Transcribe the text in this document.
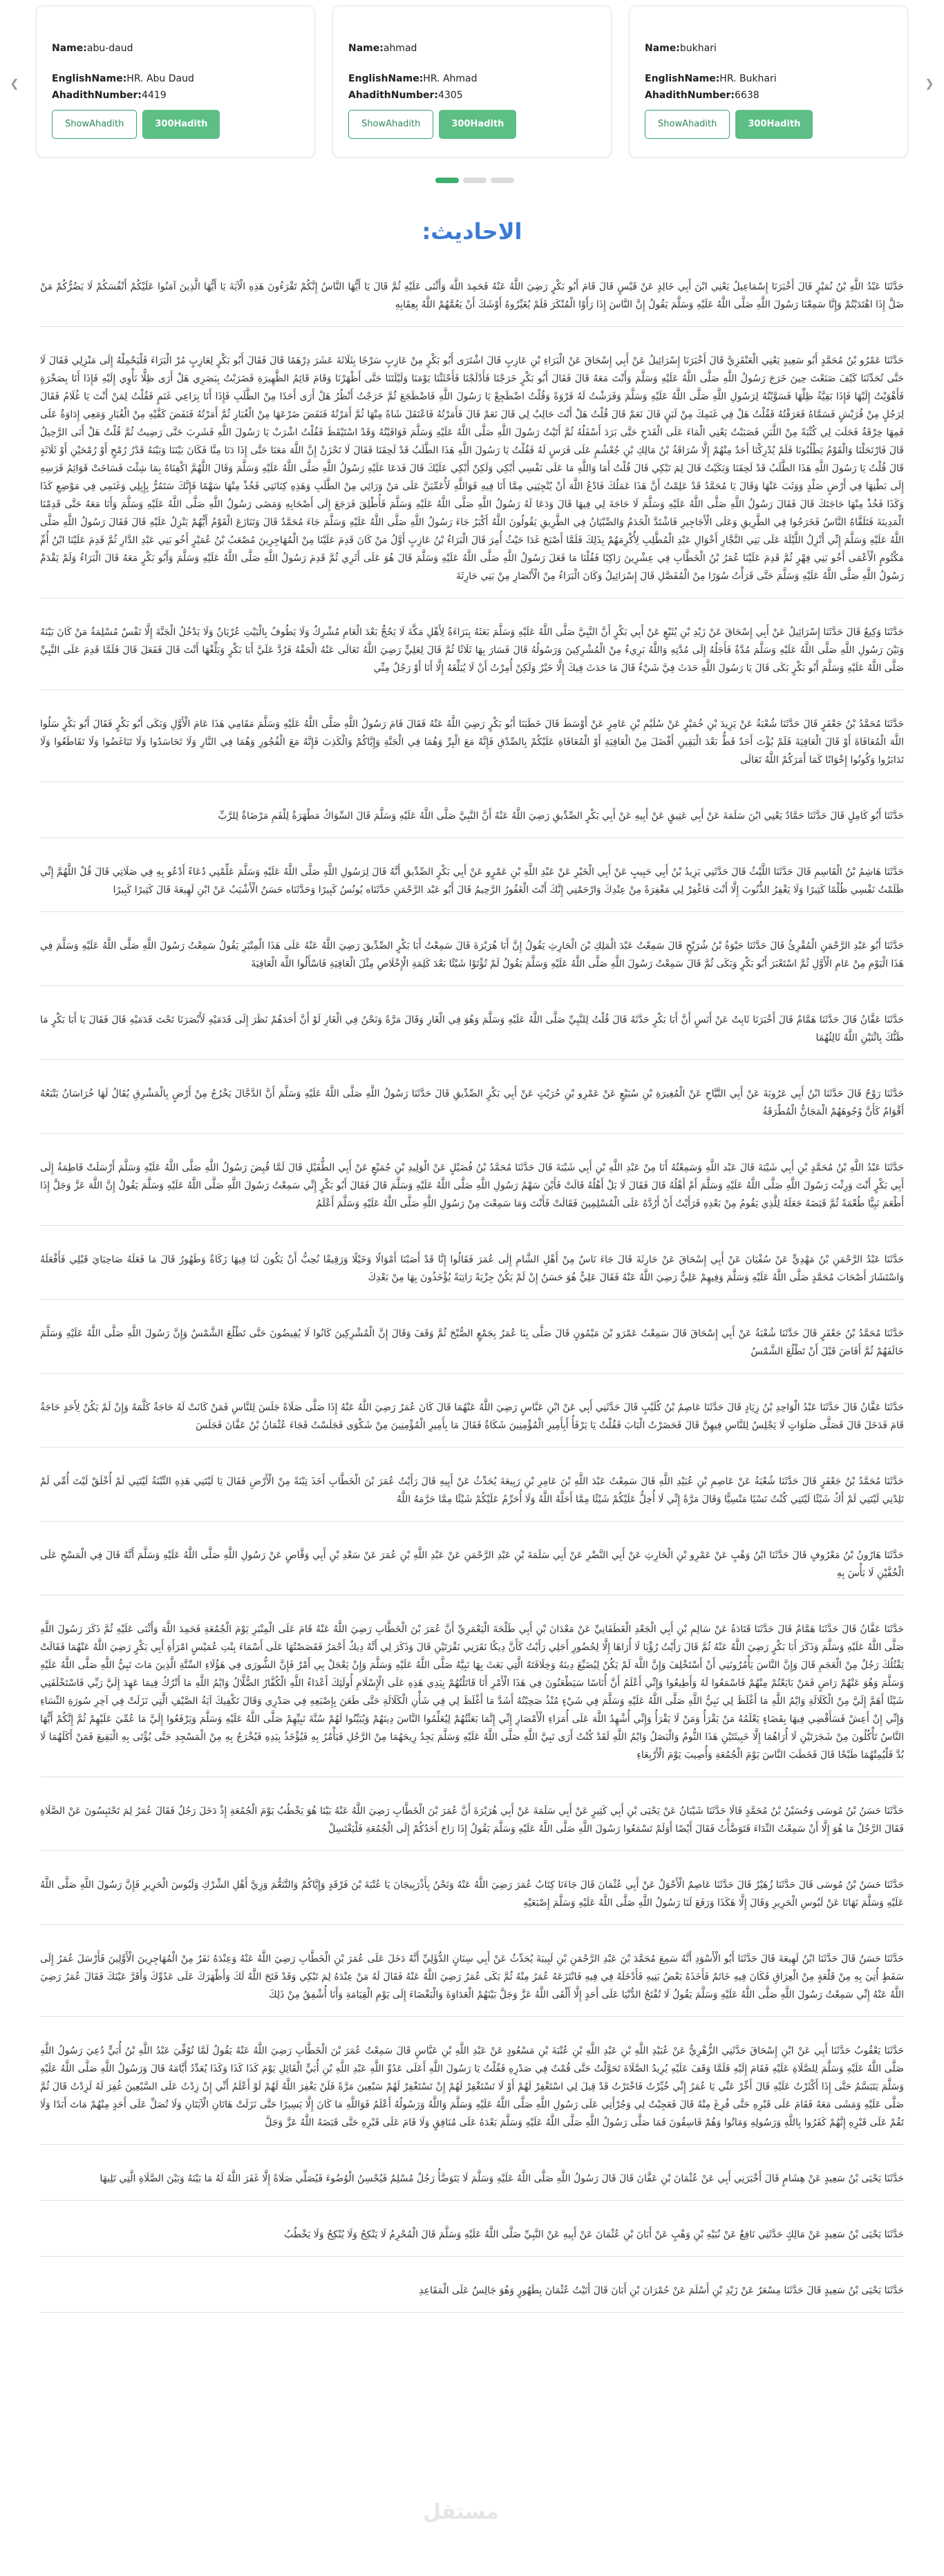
❮
Name:abu-daud
EnglishName:HR. Abu Daud
AhadithNumber:4419
ShowAhadith	300Hadith
Name:ahmad
EnglishName:HR. Ahmad
AhadithNumber:4305
ShowAhadith	300Hadith
Name:bukhari
EnglishName:HR. Bukhari
AhadithNumber:6638
ShowAhadith	300Hadith
❯
الاحاديث:

حَدَّثَنَا عَبْدُ اللَّهِ بْنُ نُمَيْرٍ قَالَ أَخْبَرَنَا إِسْمَاعِيلُ يَعْنِي ابْنَ أَبِي خَالِدٍ عَنْ قَيْسٍ قَالَ قَامَ أَبُو بَكْرٍ رَضِيَ اللَّهُ عَنْهُ فَحَمِدَ اللَّهَ وَأَثْنَى عَلَيْهِ ثُمَّ قَالَ يَا أَيُّهَا النَّاسُ إِنَّكُمْ تَقْرَءُونَ هَذِهِ الْآيَةَ يَا أَيُّهَا الَّذِينَ آمَنُوا عَلَيْكُمْ أَنْفُسَكُمْ لَا يَضُرُّكُمْ مَنْ ضَلَّ إِذَا اهْتَدَيْتُمْ وَإِنَّا سَمِعْنَا رَسُولَ اللَّهِ صَلَّى اللَّهُ عَلَيْهِ وَسَلَّمَ يَقُولُ إِنَّ النَّاسَ إِذَا رَأَوْا الْمُنْكَرَ فَلَمْ يُغَيِّرُوهُ أَوْشَكَ أَنْ يَعُمَّهُمْ اللَّهُ بِعِقَابِهِ

حَدَّثَنَا عَمْرُو بْنُ مُحَمَّدٍ أَبُو سَعِيدٍ يَعْنِي الْعَنْقَزِيَّ قَالَ أَخْبَرَنَا إِسْرَائِيلُ عَنْ أَبِي إِسْحَاقَ عَنْ الْبَرَاءِ بْنِ عَازِبٍ قَالَ اشْتَرَى أَبُو بَكْرٍ مِنْ عَازِبٍ سَرْجًا بِثَلَاثَةَ عَشَرَ دِرْهَمًا قَالَ فَقَالَ أَبُو بَكْرٍ لِعَازِبٍ مُرْ الْبَرَاءَ فَلْيَحْمِلْهُ إِلَى مَنْزِلِي فَقَالَ لَا حَتَّى تُحَدِّثَنَا كَيْفَ صَنَعْتَ حِينَ خَرَجَ رَسُولُ اللَّهِ صَلَّى اللَّهُ عَلَيْهِ وَسَلَّمَ وَأَنْتَ مَعَهُ قَالَ فَقَالَ أَبُو بَكْرٍ خَرَجْنَا فَأَدْلَجْنَا فَأَحْثَثْنَا يَوْمَنَا وَلَيْلَتَنَا حَتَّى أَظْهَرْنَا وَقَامَ قَائِمُ الظَّهِيرَةِ فَضَرَبْتُ بِبَصَرِي هَلْ أَرَى ظِلًّا نَأْوِي إِلَيْهِ فَإِذَا أَنَا بِصَخْرَةٍ فَأَهْوَيْتُ إِلَيْهَا فَإِذَا بَقِيَّةُ ظِلِّهَا فَسَوَّيْتُهُ لِرَسُولِ اللَّهِ صَلَّى اللَّهُ عَلَيْهِ وَسَلَّمَ وَفَرَشْتُ لَهُ فَرْوَةً وَقُلْتُ اضْطَجِعْ يَا رَسُولَ اللَّهِ فَاضْطَجَعَ ثُمَّ خَرَجْتُ أَنْظُرُ هَلْ أَرَى أَحَدًا مِنْ الطَّلَبِ فَإِذَا أَنَا بِرَاعِي غَنَمٍ فَقُلْتُ لِمَنْ أَنْتَ يَا غُلَامُ فَقَالَ لِرَجُلٍ مِنْ قُرَيْشٍ فَسَمَّاهُ فَعَرَفْتُهُ فَقُلْتُ هَلْ فِي غَنَمِكَ مِنْ لَبَنٍ قَالَ نَعَمْ قَالَ قُلْتُ هَلْ أَنْتَ حَالِبٌ لِي قَالَ نَعَمْ قَالَ فَأَمَرْتُهُ فَاعْتَقَلَ شَاةً مِنْهَا ثُمَّ أَمَرْتُهُ فَنَفَضَ ضَرْعَهَا مِنْ الْغُبَارِ ثُمَّ أَمَرْتُهُ فَنَفَضَ كَفَّيْهِ مِنْ الْغُبَارِ وَمَعِي إِدَاوَةٌ عَلَى فَمِهَا خِرْقَةٌ فَحَلَبَ لِي كُثْبَةً مِنْ اللَّبَنِ فَصَبَبْتُ يَعْنِي الْمَاءَ عَلَى الْقَدَحِ حَتَّى بَرَدَ أَسْفَلُهُ ثُمَّ أَتَيْتُ رَسُولَ اللَّهِ صَلَّى اللَّهُ عَلَيْهِ وَسَلَّمَ فَوَافَيْتُهُ وَقَدْ اسْتَيْقَظَ فَقُلْتُ اشْرَبْ يَا رَسُولَ اللَّهِ فَشَرِبَ حَتَّى رَضِيتُ ثُمَّ قُلْتُ هَلْ أَنَى الرَّحِيلُ قَالَ فَارْتَحَلْنَا وَالْقَوْمُ يَطْلُبُونَا فَلَمْ يُدْرِكْنَا أَحَدٌ مِنْهُمْ إِلَّا سُرَاقَةُ بْنُ مَالِكِ بْنِ جُعْشُمٍ عَلَى فَرَسٍ لَهُ فَقُلْتُ يَا رَسُولَ اللَّهِ هَذَا الطَّلَبُ قَدْ لَحِقَنَا فَقَالَ لَا تَحْزَنْ إِنَّ اللَّهَ مَعَنَا حَتَّى إِذَا دَنَا مِنَّا فَكَانَ بَيْنَنَا وَبَيْنَهُ قَدْرُ رُمْحٍ أَوْ رُمْحَيْنِ أَوْ ثَلَاثَةٍ قَالَ قُلْتُ يَا رَسُولَ اللَّهِ هَذَا الطَّلَبُ قَدْ لَحِقَنَا وَبَكَيْتُ قَالَ لِمَ تَبْكِي قَالَ قُلْتُ أَمَا وَاللَّهِ مَا عَلَى نَفْسِي أَبْكِي وَلَكِنْ أَبْكِي عَلَيْكَ قَالَ فَدَعَا عَلَيْهِ رَسُولُ اللَّهِ صَلَّى اللَّهُ عَلَيْهِ وَسَلَّمَ وَقَالَ اللَّهُمَّ اكْفِنَاهُ بِمَا شِئْتَ فَسَاخَتْ قَوَائِمُ فَرَسِهِ إِلَى بَطْنِهَا فِي أَرْضٍ صَلْدٍ وَوَثَبَ عَنْهَا وَقَالَ يَا مُحَمَّدُ قَدْ عَلِمْتُ أَنَّ هَذَا عَمَلُكَ فَادْعُ اللَّهَ أَنْ يُنْجِيَنِي مِمَّا أَنَا فِيهِ فَوَاللَّهِ لَأُعَمِّيَنَّ عَلَى مَنْ وَرَائِي مِنْ الطَّلَبِ وَهَذِهِ كِنَانَتِي فَخُذْ مِنْهَا سَهْمًا فَإِنَّكَ سَتَمُرُّ بِإِبِلِي وَغَنَمِي فِي مَوْضِعِ كَذَا وَكَذَا فَخُذْ مِنْهَا حَاجَتَكَ قَالَ فَقَالَ رَسُولُ اللَّهِ صَلَّى اللَّهُ عَلَيْهِ وَسَلَّمَ لَا حَاجَةَ لِي فِيهَا قَالَ وَدَعَا لَهُ رَسُولُ اللَّهِ صَلَّى اللَّهُ عَلَيْهِ وَسَلَّمَ فَأُطْلِقَ فَرَجَعَ إِلَى أَصْحَابِهِ وَمَضَى رَسُولُ اللَّهِ صَلَّى اللَّهُ عَلَيْهِ وَسَلَّمَ وَأَنَا مَعَهُ حَتَّى قَدِمْنَا الْمَدِينَةَ فَتَلَقَّاهُ النَّاسُ فَخَرَجُوا فِي الطَّرِيقِ وَعَلَى الْأَجَاجِيرِ فَاشْتَدَّ الْخَدَمُ وَالصِّبْيَانُ فِي الطَّرِيقِ يَقُولُونَ اللَّهُ أَكْبَرُ جَاءَ رَسُولُ اللَّهِ صَلَّى اللَّهُ عَلَيْهِ وَسَلَّمَ جَاءَ مُحَمَّدٌ قَالَ وَتَنَازَعَ الْقَوْمُ أَيُّهُمْ يَنْزِلُ عَلَيْهِ قَالَ فَقَالَ رَسُولُ اللَّهِ صَلَّى اللَّهُ عَلَيْهِ وَسَلَّمَ إِنِّي أَنْزِلُ اللَّيْلَةَ عَلَى بَنِي النَّجَّارِ أَخْوَالِ عَبْدِ الْمُطَّلِبِ لِأُكْرِمَهُمْ بِذَلِكَ فَلَمَّا أَصْبَحَ غَدَا حَيْثُ أُمِرَ قَالَ الْبَرَاءُ بْنُ عَازِبٍ أَوَّلُ مَنْ كَانَ قَدِمَ عَلَيْنَا مِنْ الْمُهَاجِرِينَ مُصْعَبُ بْنُ عُمَيْرٍ أَخُو بَنِي عَبْدِ الدَّارِ ثُمَّ قَدِمَ عَلَيْنَا ابْنُ أُمِّ مَكْتُومٍ الْأَعْمَى أَخُو بَنِي فِهْرٍ ثُمَّ قَدِمَ عَلَيْنَا عُمَرُ بْنُ الْخَطَّابِ فِي عِشْرِينَ رَاكِبًا فَقُلْنَا مَا فَعَلَ رَسُولُ اللَّهِ صَلَّى اللَّهُ عَلَيْهِ وَسَلَّمَ قَالَ هُوَ عَلَى أَثَرِي ثُمَّ قَدِمَ رَسُولُ اللَّهِ صَلَّى اللَّهُ عَلَيْهِ وَسَلَّمَ وَأَبُو بَكْرٍ مَعَهُ قَالَ الْبَرَاءُ وَلَمْ يَقْدَمْ رَسُولُ اللَّهِ صَلَّى اللَّهُ عَلَيْهِ وَسَلَّمَ حَتَّى قَرَأْتُ سُوَرًا مِنْ الْمُفَصَّلِ قَالَ إِسْرَائِيلُ وَكَانَ الْبَرَاءُ مِنْ الْأَنْصَارِ مِنْ بَنِي حَارِثَةَ

حَدَّثَنَا وَكِيعٌ قَالَ حَدَّثَنَا إِسْرَائِيلُ عَنْ أَبِي إِسْحَاقَ عَنْ زَيْدِ بْنِ يُثَيْعٍ عَنْ أَبِي بَكْرٍ أَنَّ النَّبِيَّ صَلَّى اللَّهُ عَلَيْهِ وَسَلَّمَ بَعَثَهُ بِبَرَاءَةٌ لِأَهْلِ مَكَّةَ لَا يَحُجُّ بَعْدَ الْعَامِ مُشْرِكٌ وَلَا يَطُوفُ بِالْبَيْتِ عُرْيَانٌ وَلَا يَدْخُلُ الْجَنَّةَ إِلَّا نَفْسٌ مُسْلِمَةٌ مَنْ كَانَ بَيْنَهُ وَبَيْنَ رَسُولِ اللَّهِ صَلَّى اللَّهُ عَلَيْهِ وَسَلَّمَ مُدَّةٌ فَأَجَلُهُ إِلَى مُدَّتِهِ وَاللَّهُ بَرِيءٌ مِنْ الْمُشْرِكِينَ وَرَسُولُهُ قَالَ فَسَارَ بِهَا ثَلَاثًا ثُمَّ قَالَ لِعَلِيٍّ رَضِيَ اللَّهُ تَعَالَى عَنْهُ الْحَقْهُ فَرُدَّ عَلَيَّ أَبَا بَكْرٍ وَبَلِّغْهَا أَنْتَ قَالَ فَفَعَلَ قَالَ فَلَمَّا قَدِمَ عَلَى النَّبِيِّ صَلَّى اللَّهُ عَلَيْهِ وَسَلَّمَ أَبُو بَكْرٍ بَكَى قَالَ يَا رَسُولَ اللَّهِ حَدَثَ فِيَّ شَيْءٌ قَالَ مَا حَدَثَ فِيكَ إِلَّا خَيْرٌ وَلَكِنْ أُمِرْتُ أَنْ لَا يُبَلِّغَهُ إِلَّا أَنَا أَوْ رَجُلٌ مِنِّي

حَدَّثَنَا مُحَمَّدُ بْنُ جَعْفَرٍ قَالَ حَدَّثَنَا شُعْبَةُ عَنْ يَزِيدَ بْنِ خُمَيْرٍ عَنْ سُلَيْمِ بْنِ عَامِرٍ عَنْ أَوْسَطَ قَالَ خَطَبَنَا أَبُو بَكْرٍ رَضِيَ اللَّهُ عَنْهُ فَقَالَ قَامَ رَسُولُ اللَّهِ صَلَّى اللَّهُ عَلَيْهِ وَسَلَّمَ مَقَامِي هَذَا عَامَ الْأَوَّلِ وَبَكَى أَبُو بَكْرٍ فَقَالَ أَبُو بَكْرٍ سَلُوا اللَّهَ الْمُعَافَاةَ أَوْ قَالَ الْعَافِيَةَ فَلَمْ يُؤْتَ أَحَدٌ قَطُّ بَعْدَ الْيَقِينِ أَفْضَلَ مِنْ الْعَافِيَةِ أَوْ الْمُعَافَاةِ عَلَيْكُمْ بِالصِّدْقِ فَإِنَّهُ مَعَ الْبِرِّ وَهُمَا فِي الْجَنَّةِ وَإِيَّاكُمْ وَالْكَذِبَ فَإِنَّهُ مَعَ الْفُجُورِ وَهُمَا فِي النَّارِ وَلَا تَحَاسَدُوا وَلَا تَبَاغَضُوا وَلَا تَقَاطَعُوا وَلَا تَدَابَرُوا وَكُونُوا إِخْوَانًا كَمَا أَمَرَكُمْ اللَّهُ تَعَالَى

حَدَّثَنَا أَبُو كَامِلٍ قَالَ حَدَّثَنَا حَمَّادٌ يَعْنِي ابْنَ سَلَمَةَ عَنْ أَبِي عَتِيقٍ عَنْ أَبِيهِ عَنْ أَبِي بَكْرٍ الصِّدِّيقِ رَضِيَ اللَّهُ عَنْهُ أَنَّ النَّبِيَّ صَلَّى اللَّهُ عَلَيْهِ وَسَلَّمَ قَالَ السِّوَاكُ مَطْهَرَةٌ لِلْفَمِ مَرْضَاةٌ لِلرَّبِّ

حَدَّثَنَا هَاشِمُ بْنُ الْقَاسِمِ قَالَ حَدَّثَنَا اللَّيْثُ قَالَ حَدَّثَنِي يَزِيدُ بْنُ أَبِي حَبِيبٍ عَنْ أَبِي الْخَيْرِ عَنْ عَبْدِ اللَّهِ بْنِ عَمْرٍو عَنْ أَبِي بَكْرٍ الصِّدِّيقِ أَنَّهُ قَالَ لِرَسُولِ اللَّهِ صَلَّى اللَّهُ عَلَيْهِ وَسَلَّمَ عَلِّمْنِي دُعَاءً أَدْعُو بِهِ فِي صَلَاتِي قَالَ قُلْ اللَّهُمَّ إِنِّي ظَلَمْتُ نَفْسِي ظُلْمًا كَثِيرًا وَلَا يَغْفِرُ الذُّنُوبَ إِلَّا أَنْتَ فَاغْفِرْ لِي مَغْفِرَةً مِنْ عِنْدِكَ وَارْحَمْنِي إِنَّكَ أَنْتَ الْغَفُورُ الرَّحِيمُ قَالَ أَبُو عَبْد الرَّحْمَنِ حَدَّثَنَاه يُونُسُ كَبِيرًا وَحَدَّثَنَاه حَسَنٌ الْأَشْيَبُ عَنْ ابْنِ لَهِيعَةَ قَالَ كَثِيرًا كَبِيرًا

حَدَّثَنَا أَبُو عَبْدِ الرَّحْمَنِ الْمُقْرِئُ قَالَ حَدَّثَنَا حَيْوَةُ بْنُ شُرَيْحٍ قَالَ سَمِعْتُ عَبْدَ الْمَلِكِ بْنَ الْحَارِثِ يَقُولُ إِنَّ أَبَا هُرَيْرَةَ قَالَ سَمِعْتُ أَبَا بَكْرٍ الصِّدِّيقَ رَضِيَ اللَّهُ عَنْهُ عَلَى هَذَا الْمِنْبَرِ يَقُولُ سَمِعْتُ رَسُولَ اللَّهِ صَلَّى اللَّهُ عَلَيْهِ وَسَلَّمَ فِي هَذَا الْيَوْمِ مِنْ عَامِ الْأَوَّلِ ثُمَّ اسْتَعْبَرَ أَبُو بَكْرٍ وَبَكَى ثُمَّ قَالَ سَمِعْتُ رَسُولَ اللَّهِ صَلَّى اللَّهُ عَلَيْهِ وَسَلَّمَ يَقُولُ لَمْ تُؤْتَوْا شَيْئًا بَعْدَ كَلِمَةِ الْإِخْلَاصِ مِثْلَ الْعَافِيَةِ فَاسْأَلُوا اللَّهَ الْعَافِيَةَ

حَدَّثَنَا عَفَّانُ قَالَ حَدَّثَنَا هَمَّامٌ قَالَ أَخْبَرَنَا ثَابِتٌ عَنْ أَنَسٍ أَنَّ أَبَا بَكْرٍ حَدَّثَهُ قَالَ قُلْتُ لِلنَّبِيِّ صَلَّى اللَّهُ عَلَيْهِ وَسَلَّمَ وَهُوَ فِي الْغَارِ وَقَالَ مَرَّةً وَنَحْنُ فِي الْغَارِ لَوْ أَنَّ أَحَدَهُمْ نَظَرَ إِلَى قَدَمَيْهِ لَأَبْصَرَنَا تَحْتَ قَدَمَيْهِ قَالَ فَقَالَ يَا أَبَا بَكْرٍ مَا ظَنُّكَ بِاثْنَيْنِ اللَّهُ ثَالِثُهُمَا

حَدَّثَنَا رَوْحٌ قَالَ حَدَّثَنَا ابْنُ أَبِي عَرُوبَةَ عَنْ أَبِي التَّيَّاحِ عَنْ الْمُغِيرَةِ بْنِ سُبَيْعٍ عَنْ عَمْرِو بْنِ حُرَيْثٍ عَنْ أَبِي بَكْرٍ الصِّدِّيقِ قَالَ حَدَّثَنَا رَسُولُ اللَّهِ صَلَّى اللَّهُ عَلَيْهِ وَسَلَّمَ أَنَّ الدَّجَّالَ يَخْرُجُ مِنْ أَرْضٍ بِالْمَشْرِقِ يُقَالُ لَهَا خُرَاسَانُ يَتْبَعُهُ أَقْوَامٌ كَأَنَّ وُجُوهَهُمْ الْمَجَانُّ الْمُطْرَقَةُ

حَدَّثَنَا عَبْدُ اللَّهِ بْنُ مُحَمَّدٍ بْنِ أَبِي شَيْبَةَ قَالَ عَبْد اللَّهِ وَسَمِعْتُهُ أَنَا مِنْ عَبْدِ اللَّهِ بْنِ أَبِي شَيْبَةَ قَالَ حَدَّثَنَا مُحَمَّدُ بْنُ فُضَيْلٍ عَنْ الْوَلِيدِ بْنِ جُمَيْعٍ عَنْ أَبِي الطُّفَيْلِ قَالَ لَمَّا قُبِضَ رَسُولُ اللَّهِ صَلَّى اللَّهُ عَلَيْهِ وَسَلَّمَ أَرْسَلَتْ فَاطِمَةُ إِلَى أَبِي بَكْرٍ أَنْتَ وَرِثْتَ رَسُولَ اللَّهِ صَلَّى اللَّهُ عَلَيْهِ وَسَلَّمَ أَمْ أَهْلُهُ قَالَ فَقَالَ لَا بَلْ أَهْلُهُ قَالَتْ فَأَيْنَ سَهْمُ رَسُولِ اللَّهِ صَلَّى اللَّهُ عَلَيْهِ وَسَلَّمَ قَالَ فَقَالَ أَبُو بَكْرٍ إِنِّي سَمِعْتُ رَسُولَ اللَّهِ صَلَّى اللَّهُ عَلَيْهِ وَسَلَّمَ يَقُولُ إِنَّ اللَّهَ عَزَّ وَجَلَّ إِذَا أَطْعَمَ نَبِيًّا طُعْمَةً ثُمَّ قَبَضَهُ جَعَلَهُ لِلَّذِي يَقُومُ مِنْ بَعْدِهِ فَرَأَيْتُ أَنْ أَرُدَّهُ عَلَى الْمُسْلِمِينَ فَقَالَتْ فَأَنْتَ وَمَا سَمِعْتَ مِنْ رَسُولِ اللَّهِ صَلَّى اللَّهُ عَلَيْهِ وَسَلَّمَ أَعْلَمُ

حَدَّثَنَا عَبْدُ الرَّحْمَنِ بْنُ مَهْدِيٍّ عَنْ سُفْيَانَ عَنْ أَبِي إِسْحَاقَ عَنْ حَارِثَةَ قَالَ جَاءَ نَاسٌ مِنْ أَهْلِ الشَّامِ إِلَى عُمَرَ فَقَالُوا إِنَّا قَدْ أَصَبْنَا أَمْوَالًا وَخَيْلًا وَرَقِيقًا نُحِبُّ أَنْ يَكُونَ لَنَا فِيهَا زَكَاةٌ وَطَهُورٌ قَالَ مَا فَعَلَهُ صَاحِبَايَ قَبْلِي فَأَفْعَلَهُ وَاسْتَشَارَ أَصْحَابَ مُحَمَّدٍ صَلَّى اللَّهُ عَلَيْهِ وَسَلَّمَ وَفِيهِمْ عَلِيٌّ رَضِيَ اللَّهُ عَنْهُ فَقَالَ عَلِيٌّ هُوَ حَسَنٌ إِنْ لَمْ يَكُنْ جِزْيَةً رَاتِبَةً يُؤْخَذُونَ بِهَا مِنْ بَعْدِكَ

حَدَّثَنَا مُحَمَّدُ بْنُ جَعْفَرٍ قَالَ حَدَّثَنَا شُعْبَةُ عَنْ أَبِي إِسْحَاقَ قَالَ سَمِعْتُ عَمْرَو بْنَ مَيْمُونٍ قَالَ صَلَّى بِنَا عُمَرُ بِجَمْعٍ الصُّبْحَ ثُمَّ وَقَفَ وَقَالَ إِنَّ الْمُشْرِكِينَ كَانُوا لَا يُفِيضُونَ حَتَّى تَطْلُعَ الشَّمْسُ وَإِنَّ رَسُولَ اللَّهِ صَلَّى اللَّهُ عَلَيْهِ وَسَلَّمَ خَالَفَهُمْ ثُمَّ أَفَاضَ قَبْلَ أَنْ تَطْلُعَ الشَّمْسُ

حَدَّثَنَا عَفَّانُ قَالَ حَدَّثَنَا عَبْدُ الْوَاحِدِ بْنُ زِيَادٍ قَالَ حَدَّثَنَا عَاصِمُ بْنُ كُلَيْبٍ قَالَ حَدَّثَنِي أَبِي عَنْ ابْنِ عَبَّاسٍ رَضِيَ اللَّهُ عَنْهُمَا قَالَ كَانَ عُمَرُ رَضِيَ اللَّهُ عَنْهُ إِذَا صَلَّى صَلَاةً جَلَسَ لِلنَّاسِ فَمَنْ كَانَتْ لَهُ حَاجَةٌ كَلَّمَهُ وَإِنْ لَمْ يَكُنْ لِأَحَدٍ حَاجَةٌ قَامَ فَدَخَلَ قَالَ فَصَلَّى صَلَوَاتٍ لَا يَجْلِسُ لِلنَّاسِ فِيهِنَّ قَالَ فَحَضَرْتُ الْبَابَ فَقُلْتُ يَا يَرْفَأُ أَبِأَمِيرِ الْمُؤْمِنِينَ شَكَاةٌ فَقَالَ مَا بِأَمِيرِ الْمُؤْمِنِينَ مِنْ شَكْوَى فَجَلَسْتُ فَجَاءَ عُثْمَانُ بْنُ عَفَّانَ فَجَلَسَ

حَدَّثَنَا مُحَمَّدُ بْنُ جَعْفَرٍ قَالَ حَدَّثَنَا شُعْبَةُ عَنْ عَاصِمِ بْنِ عُبَيْدِ اللَّهِ قَالَ سَمِعْتُ عَبْدَ اللَّهِ بْنَ عَامِرِ بْنِ رَبِيعَةَ يُحَدِّثُ عَنْ أَبِيهِ قَالَ رَأَيْتُ عُمَرَ بْنَ الْخَطَّابِ أَخَذَ تِبْنَةً مِنْ الْأَرْضِ فَقَالَ يَا لَيْتَنِي هَذِهِ التِّبْنَةُ لَيْتَنِي لَمْ أُخْلَقْ لَيْتَ أُمِّي لَمْ تَلِدْنِي لَيْتَنِي لَمْ أَكُ شَيْئًا لَيْتَنِي كُنْتُ نَسْيًا مَنْسِيًّا وَقَالَ مَرَّةً إِنِّي لَا أُخِلُّ عَلَيْكُمْ شَيْئًا مِمَّا أَحَلَّهُ اللَّهُ وَلَا أُحَرِّمُ عَلَيْكُمْ شَيْئًا مِمَّا حَرَّمَهُ اللَّهُ

حَدَّثَنَا هَارُونُ بْنُ مَعْرُوفٍ قَالَ حَدَّثَنَا ابْنُ وَهْبٍ عَنْ عَمْرِو بْنِ الْحَارِثِ عَنْ أَبِي النَّضْرِ عَنْ أَبِي سَلَمَةَ بْنِ عَبْدِ الرَّحْمَنِ عَنْ عَبْدِ اللَّهِ بْنِ عُمَرَ عَنْ سَعْدِ بْنِ أَبِي وَقَّاصٍ عَنْ رَسُولِ اللَّهِ صَلَّى اللَّهُ عَلَيْهِ وَسَلَّمَ أَنَّهُ قَالَ فِي الْمَسْحِ عَلَى الْخُفَّيْنِ لَا بَأْسَ بِهِ

حَدَّثَنَا عَفَّانُ قَالَ حَدَّثَنَا هَمَّامٌ قَالَ حَدَّثَنَا قَتَادَةُ عَنْ سَالِمِ بْنِ أَبِي الْجَعْدِ الْغَطَفَانِيِّ عَنْ مَعْدَانَ بْنِ أَبِي طَلْحَةَ الْيَعْمَرِيِّ أَنَّ عُمَرَ بْنَ الْخَطَّابِ رَضِيَ اللَّهُ عَنْهُ قَامَ عَلَى الْمِنْبَرِ يَوْمَ الْجُمُعَةِ فَحَمِدَ اللَّهَ وَأَثْنَى عَلَيْهِ ثُمَّ ذَكَرَ رَسُولَ اللَّهِ صَلَّى اللَّهُ عَلَيْهِ وَسَلَّمَ وَذَكَرَ أَبَا بَكْرٍ رَضِيَ اللَّهُ عَنْهُ ثُمَّ قَالَ رَأَيْتُ رُؤْيَا لَا أُرَاهَا إِلَّا لِحُضُورِ أَجَلِي رَأَيْتُ كَأَنَّ دِيكًا نَقَرَنِي نَقْرَتَيْنِ قَالَ وَذَكَرَ لِي أَنَّهُ دِيكٌ أَحْمَرُ فَقَصَصْتُهَا عَلَى أَسْمَاءَ بِنْتِ عُمَيْسٍ امْرَأَةِ أَبِي بَكْرٍ رَضِيَ اللَّهُ عَنْهُمَا فَقَالَتْ يَقْتُلُكَ رَجُلٌ مِنْ الْعَجَمِ قَالَ وَإِنَّ النَّاسَ يَأْمُرُونَنِي أَنْ أَسْتَخْلِفَ وَإِنَّ اللَّهَ لَمْ يَكُنْ لِيُضَيِّعَ دِينَهُ وَخِلَافَتَهُ الَّتِي بَعَثَ بِهَا نَبِيَّهُ صَلَّى اللَّهُ عَلَيْهِ وَسَلَّمَ وَإِنْ يَعْجَلْ بِي أَمْرٌ فَإِنَّ الشُّورَى فِي هَؤُلَاءِ السِّتَّةِ الَّذِينَ مَاتَ نَبِيُّ اللَّهِ صَلَّى اللَّهُ عَلَيْهِ وَسَلَّمَ وَهُوَ عَنْهُمْ رَاضٍ فَمَنْ بَايَعْتُمْ مِنْهُمْ فَاسْمَعُوا لَهُ وَأَطِيعُوا وَإِنِّي أَعْلَمُ أَنَّ أُنَاسًا سَيَطْعَنُونَ فِي هَذَا الْأَمْرِ أَنَا قَاتَلْتُهُمْ بِيَدِي هَذِهِ عَلَى الْإِسْلَامِ أُولَئِكَ أَعْدَاءُ اللَّهِ الْكُفَّارُ الضُّلَّالُ وَايْمُ اللَّهِ مَا أَتْرُكُ فِيمَا عَهِدَ إِلَيَّ رَبِّي فَاسْتَخْلَفَنِي شَيْئًا أَهَمَّ إِلَيَّ مِنْ الْكَلَالَةِ وَايْمُ اللَّهِ مَا أَغْلَظَ لِي نَبِيُّ اللَّهِ صَلَّى اللَّهُ عَلَيْهِ وَسَلَّمَ فِي شَيْءٍ مُنْذُ صَحِبْتُهُ أَشَدَّ مَا أَغْلَظَ لِي فِي شَأْنِ الْكَلَالَةِ حَتَّى طَعَنَ بِإِصْبَعِهِ فِي صَدْرِي وَقَالَ تَكْفِيكَ آيَةُ الصَّيْفِ الَّتِي نَزَلَتْ فِي آخِرِ سُورَةِ النِّسَاءِ وَإِنِّي إِنْ أَعِشْ فَسَأَقْضِي فِيهَا بِقَضَاءٍ يَعْلَمُهُ مَنْ يَقْرَأُ وَمَنْ لَا يَقْرَأُ وَإِنِّي أُشْهِدُ اللَّهَ عَلَى أُمَرَاءِ الْأَمْصَارِ إِنِّي إِنَّمَا بَعَثْتُهُمْ لِيُعَلِّمُوا النَّاسَ دِينَهُمْ وَيُبَيِّنُوا لَهُمْ سُنَّةَ نَبِيِّهِمْ صَلَّى اللَّهُ عَلَيْهِ وَسَلَّمَ وَيَرْفَعُوا إِلَيَّ مَا عُمِّيَ عَلَيْهِمْ ثُمَّ إِنَّكُمْ أَيُّهَا النَّاسُ تَأْكُلُونَ مِنْ شَجَرَتَيْنِ لَا أُرَاهُمَا إِلَّا خَبِيثَتَيْنِ هَذَا الثُّومُ وَالْبَصَلُ وَايْمُ اللَّهِ لَقَدْ كُنْتُ أَرَى نَبِيَّ اللَّهِ صَلَّى اللَّهُ عَلَيْهِ وَسَلَّمَ يَجِدُ رِيحَهُمَا مِنْ الرَّجُلِ فَيَأْمُرُ بِهِ فَيُؤْخَذُ بِيَدِهِ فَيُخْرَجُ بِهِ مِنْ الْمَسْجِدِ حَتَّى يُؤْتَى بِهِ الْبَقِيعَ فَمَنْ أَكَلَهُمَا لَا بُدَّ فَلْيُمِتْهُمَا طَبْخًا قَالَ فَخَطَبَ النَّاسَ يَوْمَ الْجُمُعَةِ وَأُصِيبَ يَوْمَ الْأَرْبِعَاءِ

حَدَّثَنَا حَسَنُ بْنُ مُوسَى وَحُسَيْنُ بْنُ مُحَمَّدٍ قَالَا حَدَّثَنَا شَيْبَانُ عَنْ يَحْيَى بْنِ أَبِي كَثِيرٍ عَنْ أَبِي سَلَمَةَ عَنْ أَبِي هُرَيْرَةَ أَنَّ عُمَرَ بْنَ الْخَطَّابِ رَضِيَ اللَّهُ عَنْهُ بَيْنَا هُوَ يَخْطُبُ يَوْمَ الْجُمُعَةِ إِذْ دَخَلَ رَجُلٌ فَقَالَ عُمَرُ لِمَ تَحْتَبِسُونَ عَنْ الصَّلَاةِ فَقَالَ الرَّجُلُ مَا هُوَ إِلَّا أَنْ سَمِعْتُ النِّدَاءَ فَتَوَضَّأْتُ فَقَالَ أَيْضًا أَوَلَمْ تَسْمَعُوا رَسُولَ اللَّهِ صَلَّى اللَّهُ عَلَيْهِ وَسَلَّمَ يَقُولُ إِذَا رَاحَ أَحَدُكُمْ إِلَى الْجُمُعَةِ فَلْيَغْتَسِلْ

حَدَّثَنَا حَسَنُ بْنُ مُوسَى قَالَ حَدَّثَنَا زُهَيْرٌ قَالَ حَدَّثَنَا عَاصِمٌ الْأَحْوَلُ عَنْ أَبِي عُثْمَانَ قَالَ جَاءَنَا كِتَابُ عُمَرَ رَضِيَ اللَّهُ عَنْهُ وَنَحْنُ بِأَذْرَبِيجَانَ يَا عُتْبَةَ بْنَ فَرْقَدٍ وَإِيَّاكُمْ وَالتَّنَعُّمَ وَزِيَّ أَهْلِ الشِّرْكِ وَلَبُوسَ الْحَرِيرِ فَإِنَّ رَسُولَ اللَّهِ صَلَّى اللَّهُ عَلَيْهِ وَسَلَّمَ نَهَانَا عَنْ لَبُوسِ الْحَرِيرِ وَقَالَ إِلَّا هَكَذَا وَرَفَعَ لَنَا رَسُولُ اللَّهِ صَلَّى اللَّهُ عَلَيْهِ وَسَلَّمَ إِصْبَعَيْهِ

حَدَّثَنَا حَسَنٌ قَالَ حَدَّثَنَا ابْنُ لَهِيعَةَ قَالَ حَدَّثَنَا أَبُو الْأَسْوَدِ أَنَّهُ سَمِعَ مُحَمَّدَ بْنَ عَبْدِ الرَّحْمَنِ بْنِ لَبِيبَةَ يُحَدِّثُ عَنْ أَبِي سِنَانٍ الدُّؤَلِيِّ أَنَّهُ دَخَلَ عَلَى عُمَرَ بْنِ الْخَطَّابِ رَضِيَ اللَّهُ عَنْهُ وَعِنْدَهُ نَفَرٌ مِنْ الْمُهَاجِرِينَ الْأَوَّلِينَ فَأَرْسَلَ عُمَرُ إِلَى سَفَطٍ أُتِيَ بِهِ مِنْ قَلْعَةٍ مِنْ الْعِرَاقِ فَكَانَ فِيهِ خَاتَمٌ فَأَخَذَهُ بَعْضُ بَنِيهِ فَأَدْخَلَهُ فِي فِيهِ فَانْتَزَعَهُ عُمَرُ مِنْهُ ثُمَّ بَكَى عُمَرُ رَضِيَ اللَّهُ عَنْهُ فَقَالَ لَهُ مَنْ عِنْدَهُ لِمَ تَبْكِي وَقَدْ فَتَحَ اللَّهُ لَكَ وَأَظْهَرَكَ عَلَى عَدُوِّكَ وَأَقَرَّ عَيْنَكَ فَقَالَ عُمَرُ رَضِيَ اللَّهُ عَنْهُ إِنِّي سَمِعْتُ رَسُولَ اللَّهِ صَلَّى اللَّهُ عَلَيْهِ وَسَلَّمَ يَقُولُ لَا تُفْتَحُ الدُّنْيَا عَلَى أَحَدٍ إِلَّا أَلْقَى اللَّهُ عَزَّ وَجَلَّ بَيْنَهُمْ الْعَدَاوَةَ وَالْبَغْضَاءَ إِلَى يَوْمِ الْقِيَامَةِ وَأَنَا أُشْفِقُ مِنْ ذَلِكَ

حَدَّثَنَا يَعْقُوبُ حَدَّثَنَا أَبِي عَنْ ابْنِ إِسْحَاقَ حَدَّثَنِي الزُّهْرِيُّ عَنْ عُبَيْدِ اللَّهِ بْنِ عَبْدِ اللَّهِ بْنِ عُتْبَةَ بْنِ مَسْعُودٍ عَنْ عَبْدِ اللَّهِ بْنِ عَبَّاسٍ قَالَ سَمِعْتُ عُمَرَ بْنَ الْخَطَّابِ رَضِيَ اللَّهُ عَنْهُ يَقُولُ لَمَّا تُوُفِّيَ عَبْدُ اللَّهِ بْنُ أُبَيٍّ دُعِيَ رَسُولُ اللَّهِ صَلَّى اللَّهُ عَلَيْهِ وَسَلَّمَ لِلصَّلَاةِ عَلَيْهِ فَقَامَ إِلَيْهِ فَلَمَّا وَقَفَ عَلَيْهِ يُرِيدُ الصَّلَاةَ تَحَوَّلْتُ حَتَّى قُمْتُ فِي صَدْرِهِ فَقُلْتُ يَا رَسُولَ اللَّهِ أَعَلَى عَدُوِّ اللَّهِ عَبْدِ اللَّهِ بْنِ أُبَيٍّ الْقَائِلِ يَوْمَ كَذَا كَذَا وَكَذَا يُعَدِّدُ أَيَّامَهُ قَالَ وَرَسُولُ اللَّهِ صَلَّى اللَّهُ عَلَيْهِ وَسَلَّمَ يَتَبَسَّمُ حَتَّى إِذَا أَكْثَرْتُ عَلَيْهِ قَالَ أَخِّرْ عَنِّي يَا عُمَرُ إِنِّي خُيِّرْتُ فَاخْتَرْتُ قَدْ قِيلَ لِي اسْتَغْفِرْ لَهُمْ أَوْ لَا تَسْتَغْفِرْ لَهُمْ إِنْ تَسْتَغْفِرْ لَهُمْ سَبْعِينَ مَرَّةً فَلَنْ يَغْفِرَ اللَّهُ لَهُمْ لَوْ أَعْلَمُ أَنِّي إِنْ زِدْتُ عَلَى السَّبْعِينَ غُفِرَ لَهُ لَزِدْتُ قَالَ ثُمَّ صَلَّى عَلَيْهِ وَمَشَى مَعَهُ فَقَامَ عَلَى قَبْرِهِ حَتَّى فُرِغَ مِنْهُ قَالَ فَعَجِبْتُ لِي وَجُرْأَتِي عَلَى رَسُولِ اللَّهِ صَلَّى اللَّهُ عَلَيْهِ وَسَلَّمَ وَاللَّهُ وَرَسُولُهُ أَعْلَمُ فَوَاللَّهِ مَا كَانَ إِلَّا يَسِيرًا حَتَّى نَزَلَتْ هَاتَانِ الْآيَتَانِ وَلَا تُصَلِّ عَلَى أَحَدٍ مِنْهُمْ مَاتَ أَبَدًا وَلَا تَقُمْ عَلَى قَبْرِهِ إِنَّهُمْ كَفَرُوا بِاللَّهِ وَرَسُولِهِ وَمَاتُوا وَهُمْ فَاسِقُونَ فَمَا صَلَّى رَسُولُ اللَّهِ صَلَّى اللَّهُ عَلَيْهِ وَسَلَّمَ بَعْدَهُ عَلَى مُنَافِقٍ وَلَا قَامَ عَلَى قَبْرِهِ حَتَّى قَبَضَهُ اللَّهُ عَزَّ وَجَلَّ

حَدَّثَنَا يَحْيَى بْنُ سَعِيدٍ عَنْ هِشَامٍ قَالَ أَخْبَرَنِي أَبِي عَنْ عُثْمَانَ بْنِ عَفَّانَ قَالَ قَالَ رَسُولُ اللَّهِ صَلَّى اللَّهُ عَلَيْهِ وَسَلَّمَ لَا يَتَوَضَّأُ رَجُلٌ مُسْلِمٌ فَيُحْسِنُ الْوُضُوءَ فَيُصَلِّي صَلَاةً إِلَّا غَفَرَ اللَّهُ لَهُ مَا بَيْنَهُ وَبَيْنَ الصَّلَاةِ الَّتِي تَلِيهَا

حَدَّثَنَا يَحْيَى بْنُ سَعِيدٍ عَنْ مَالِكٍ حَدَّثَنِي نَافِعٌ عَنْ نُبَيْهِ بْنِ وَهْبٍ عَنْ أَبَانَ بْنِ عُثْمَانَ عَنْ أَبِيهِ عَنْ النَّبِيِّ صَلَّى اللَّهُ عَلَيْهِ وَسَلَّمَ قَالَ الْمُحْرِمُ لَا يَنْكِحُ وَلَا يُنْكِحُ وَلَا يَخْطُبُ

حَدَّثَنَا يَحْيَى بْنُ سَعِيدٍ قَالَ حَدَّثَنَا مِسْعَرٌ عَنْ زَيْدِ بْنِ أَسْلَمَ عَنْ حُمْرَانَ بْنِ أَبَانَ قَالَ أَتَيْتُ عُثْمَانَ بِطَهُورٍ وَهُوَ جَالِسٌ عَلَى الْمَقَاعِدِ

مستقل
